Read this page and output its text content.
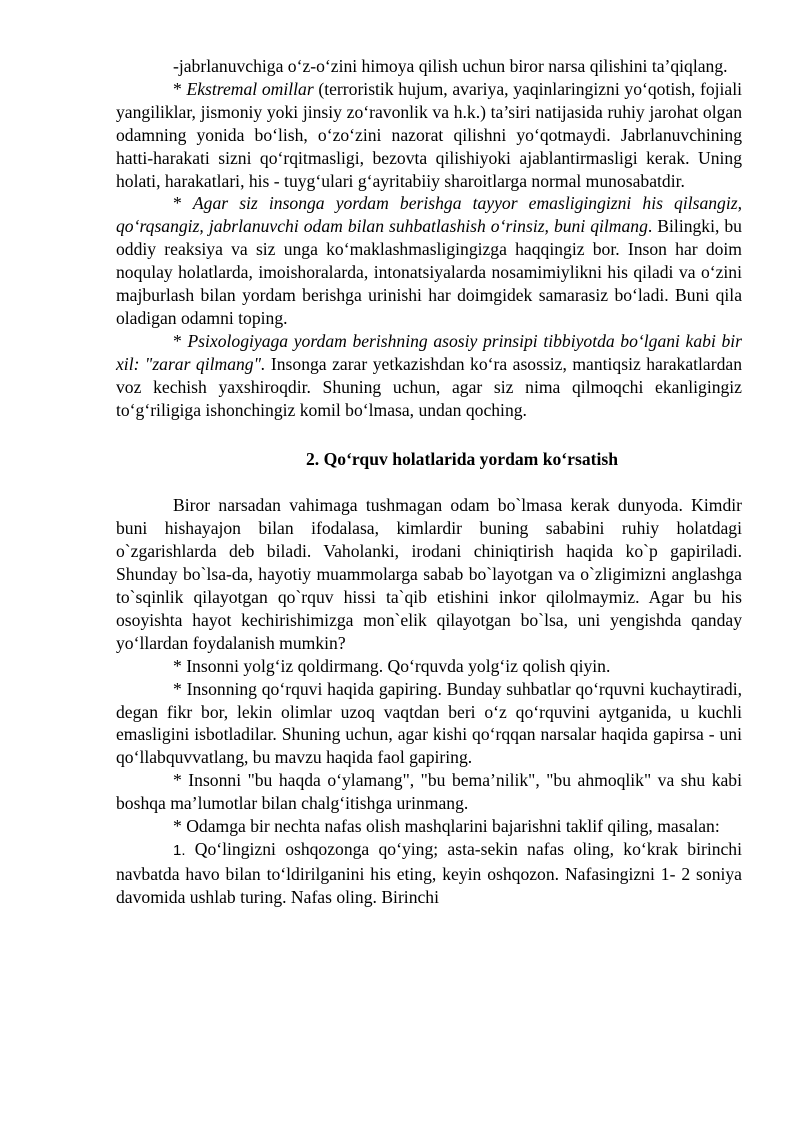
-jabrlanuvchiga o‘z-o‘zini himoya qilish uchun biror narsa qilishini ta’qiqlang.

* Ekstremal omillar (terroristik hujum, avariya, yaqinlaringizni yo‘qotish, fojiali yangiliklar, jismoniy yoki jinsiy zo‘ravonlik va h.k.) ta’siri natijasida ruhiy jarohat olgan odamning yonida bo‘lish, o‘zo‘zini nazorat qilishni yo‘qotmaydi. Jabrlanuvchining hatti-harakati sizni qo‘rqitmasligi, bezovta qilishiyoki ajablantirmasligi kerak. Uning holati, harakatlari, his - tuyg‘ulari g‘ayritabiiy sharoitlarga normal munosabatdir.

* Agar siz insonga yordam berishga tayyor emasligingizni his qilsangiz, qo‘rqsangiz, jabrlanuvchi odam bilan suhbatlashish o‘rinsiz, buni qilmang. Bilingki, bu oddiy reaksiya va siz unga ko‘maklashmasligingizga haqqingiz bor. Inson har doim noqulay holatlarda, imoishoralarda, intonatsiyalarda nosamimiylikni his qiladi va o‘zini majburlash bilan yordam berishga urinishi har doimgidek samarasiz bo‘ladi. Buni qila oladigan odamni toping.

* Psixologiyaga yordam berishning asosiy prinsipi tibbiyotda bo‘lgani kabi bir xil: "zarar qilmang". Insonga zarar yetkazishdan ko‘ra asossiz, mantiqsiz harakatlardan voz kechish yaxshiroqdir. Shuning uchun, agar siz nima qilmoqchi ekanligingiz to‘g‘riligiga ishonchingiz komil bo‘lmasa, undan qoching.

2. Qo‘rquv holatlarida yordam ko‘rsatish

Biror narsadan vahimaga tushmagan odam bo`lmasa kerak dunyoda. Kimdir buni hishayajon bilan ifodalasa, kimlardir buning sababini ruhiy holatdagi o`zgarishlarda deb biladi. Vaholanki, irodani chiniqtirish haqida ko`p gapiriladi. Shunday bo`lsa-da, hayotiy muammolarga sabab bo`layotgan va o`zligimizni anglashga to`sqinlik qilayotgan qo`rquv hissi ta`qib etishini inkor qilolmaymiz. Agar bu his osoyishta hayot kechirishimizga mon`elik qilayotgan bo`lsa, uni yengishda qanday yo‘llardan foydalanish mumkin?

* Insonni yolg‘iz qoldirmang. Qo‘rquvda yolg‘iz qolish qiyin.

* Insonning qo‘rquvi haqida gapiring. Bunday suhbatlar qo‘rquvni kuchaytiradi, degan fikr bor, lekin olimlar uzoq vaqtdan beri o‘z qo‘rquvini aytganida, u kuchli emasligini isbotladilar. Shuning uchun, agar kishi qo‘rqqan narsalar haqida gapirsa - uni qo‘llabquvvatlang, bu mavzu haqida faol gapiring.

* Insonni "bu haqda o‘ylamang", "bu bema’nilik", "bu ahmoqlik" va shu kabi boshqa ma’lumotlar bilan chalg‘itishga urinmang.

* Odamga bir nechta nafas olish mashqlarini bajarishni taklif qiling, masalan:

1. Qo‘lingizni oshqozonga qo‘ying; asta-sekin nafas oling, ko‘krak birinchi navbatda havo bilan to‘ldirilganini his eting, keyin oshqozon. Nafasingizni 1- 2 soniya davomida ushlab turing. Nafas oling. Birinchi
